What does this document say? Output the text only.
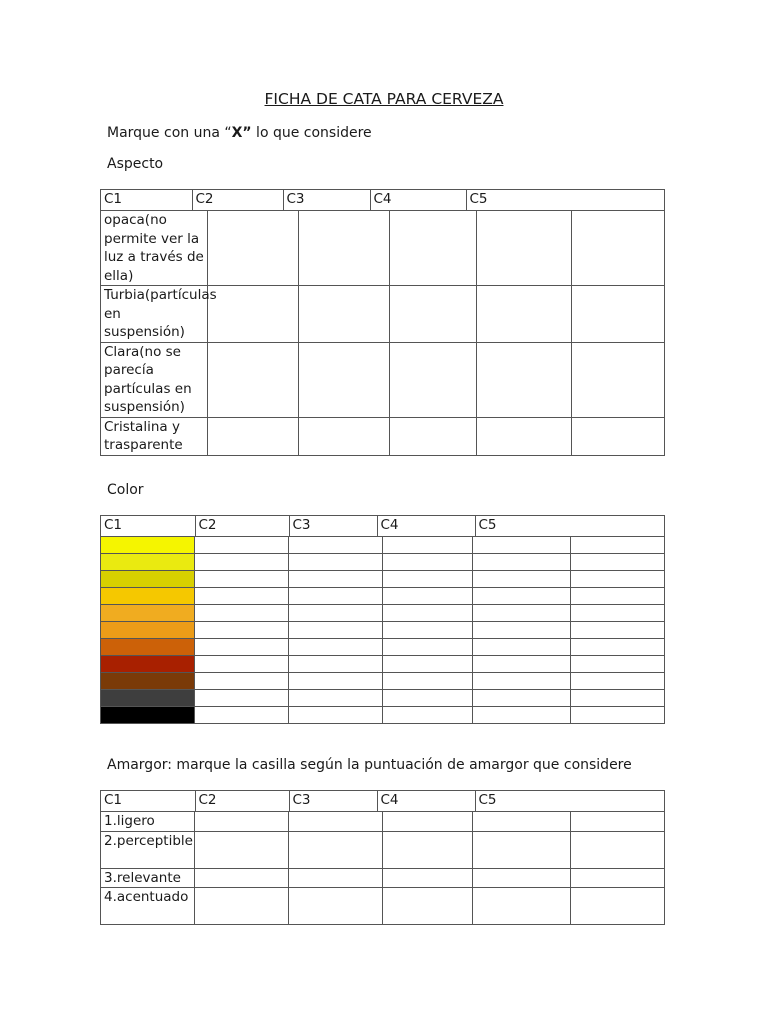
FICHA DE CATA PARA CERVEZA
Marque con una “X” lo que considere
Aspecto
C1	C2	C3	C4	C5

opaca(no permite ver la luz a través de ella)					
Turbia(partículas en suspensión)					
Clara(no se parecía partículas en suspensión)					
Cristalina y trasparente					
Color
C1	C2	C3	C4	C5

Amargor: marque la casilla según la puntuación de amargor que considere
C1	C2	C3	C4	C5

1.ligero					
2.perceptible					
3.relevante					
4.acentuado					
